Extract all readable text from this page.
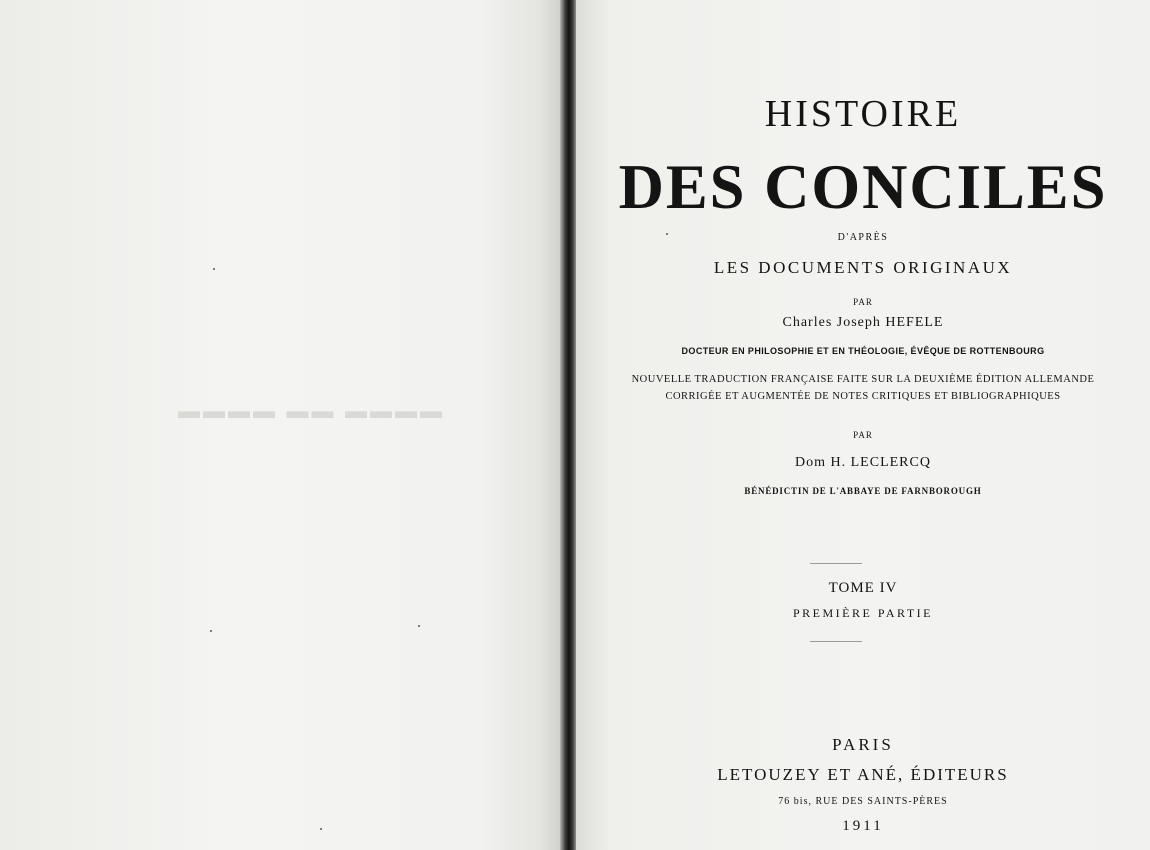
▬▬▬▬ ▬▬ ▬▬▬▬
HISTOIRE
DES CONCILES
D'APRÈS
LES DOCUMENTS ORIGINAUX
PAR
Charles Joseph HEFELE
DOCTEUR EN PHILOSOPHIE ET EN THÉOLOGIE, ÉVÊQUE DE ROTTENBOURG
NOUVELLE TRADUCTION FRANÇAISE FAITE SUR LA DEUXIÈME ÉDITION ALLEMANDE
CORRIGÉE ET AUGMENTÉE DE NOTES CRITIQUES ET BIBLIOGRAPHIQUES
PAR
Dom H. LECLERCQ
BÉNÉDICTIN DE L'ABBAYE DE FARNBOROUGH
TOME IV
PREMIÈRE PARTIE
PARIS
LETOUZEY ET ANÉ, ÉDITEURS
76 bis, RUE DES SAINTS-PÈRES
1911
